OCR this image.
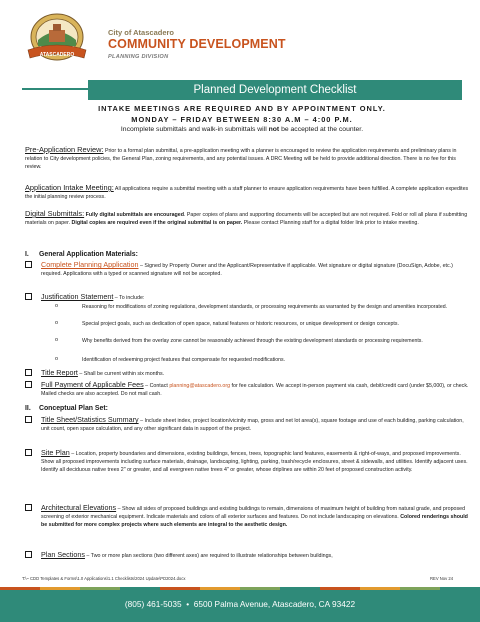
ATASCADERO
City of Atascadero
COMMUNITY DEVELOPMENT
PLANNING DIVISION
Planned Development Checklist
INTAKE MEETINGS ARE REQUIRED AND BY APPOINTMENT ONLY.
MONDAY – FRIDAY BETWEEN 8:30 A.M – 4:00 P.M.
Incomplete submittals and walk-in submittals will not be accepted at the counter.
Pre-Application Review: Prior to a formal plan submittal, a pre-application meeting with a planner is encouraged to review the application requirements and preliminary plans in relation to City development policies, the General Plan, zoning requirements, and any potential issues. A DRC Meeting will be held to provide additional direction. There is no fee for this review.
Application Intake Meeting: All applications require a submittal meeting with a staff planner to ensure application requirements have been fulfilled. A complete application expedites the initial planning review process.
Digital Submittals: Fully digital submittals are encouraged. Paper copies of plans and supporting documents will be accepted but are not required. Fold or roll all plans if submitting materials on paper. Digital copies are required even if the original submittal is on paper. Please contact Planning staff for a digital folder link prior to intake meeting.
I. General Application Materials:
Complete Planning Application – Signed by Property Owner and the Applicant/Representative if applicable. Wet signature or digital signature (DocuSign, Adobe, etc.) required. Applications with a typed or scanned signature will not be accepted.
Justification Statement – To include:
o	Reasoning for modifications of zoning regulations, development standards, or processing requirements as warranted by the design and amenities incorporated.
o	Special project goals, such as dedication of open space, natural features or historic resources, or unique development or design concepts.
o	Why benefits derived from the overlay zone cannot be reasonably achieved through the existing development standards or processing requirements.
o	Identification of redeeming project features that compensate for requested modifications.
Title Report – Shall be current within six months.
Full Payment of Applicable Fees – Contact planning@atascadero.org for fee calculation. We accept in-person payment via cash, debit/credit card (under $5,000), or check. Mailed checks are also accepted. Do not mail cash.
II. Conceptual Plan Set:
Title Sheet/Statistics Summary – Include sheet index, project location/vicinity map, gross and net lot area(s), square footage and use of each building, parking calculation, unit count, open space calculation, and any other significant data in support of the project.
Site Plan – Location, property boundaries and dimensions, existing buildings, fences, trees, topographic land features, easements & right-of-ways, and proposed improvements. Show all proposed improvements including surface materials, drainage, landscaping, lighting, parking, trash/recycle enclosures, street & sidewalls, and utilities. Identify adjacent uses. Identify all deciduous native trees 2" or greater, and all evergreen native trees 4" or greater, whose driplines are within 20 feet of proposed construction activity.
Architectural Elevations – Show all sides of proposed buildings and existing buildings to remain, dimensions of maximum height of building from natural grade, and proposed screening of exterior mechanical equipment. Indicate materials and colors of all exterior surfaces and features. Do not include landscaping on elevations. Colored renderings should be submitted for more complex projects where such elements are integral to the aesthetic design.
Plan Sections – Two or more plan sections (two different axes) are required to illustrate relationships between buildings,
T:\~ CDD Templates & Forms\1.0 Applications\1.1 Checklists\2024 Update\PD2024.docx	REV Nov 24
(805) 461-5035 • 6500 Palma Avenue, Atascadero, CA 93422
